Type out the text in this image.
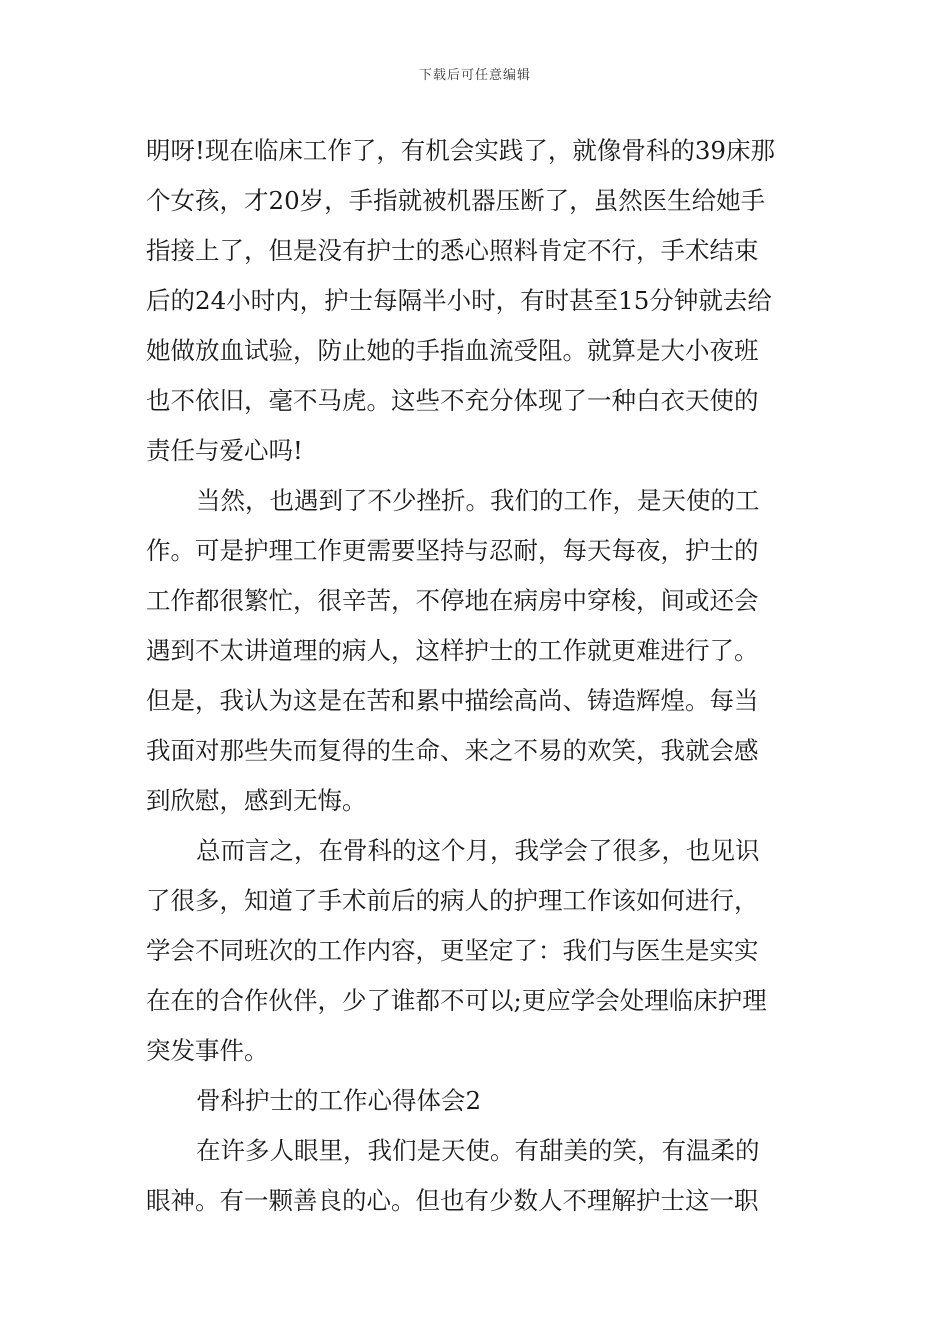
下载后可任意编辑
明呀!现在临床工作了，有机会实践了，就像骨科的39床那
个女孩，才20岁，手指就被机器压断了，虽然医生给她手
指接上了，但是没有护士的悉心照料肯定不行，手术结束
后的24小时内，护士每隔半小时，有时甚至15分钟就去给
她做放血试验，防止她的手指血流受阻。就算是大小夜班
也不依旧，毫不马虎。这些不充分体现了一种白衣天使的
责任与爱心吗!
当然，也遇到了不少挫折。我们的工作，是天使的工
作。可是护理工作更需要坚持与忍耐，每天每夜，护士的
工作都很繁忙，很辛苦，不停地在病房中穿梭，间或还会
遇到不太讲道理的病人，这样护士的工作就更难进行了。
但是，我认为这是在苦和累中描绘高尚、铸造辉煌。每当
我面对那些失而复得的生命、来之不易的欢笑，我就会感
到欣慰，感到无悔。
总而言之，在骨科的这个月，我学会了很多，也见识
了很多，知道了手术前后的病人的护理工作该如何进行，
学会不同班次的工作内容，更坚定了：我们与医生是实实
在在的合作伙伴，少了谁都不可以;更应学会处理临床护理
突发事件。
骨科护士的工作心得体会2
在许多人眼里，我们是天使。有甜美的笑，有温柔的
眼神。有一颗善良的心。但也有少数人不理解护士这一职
